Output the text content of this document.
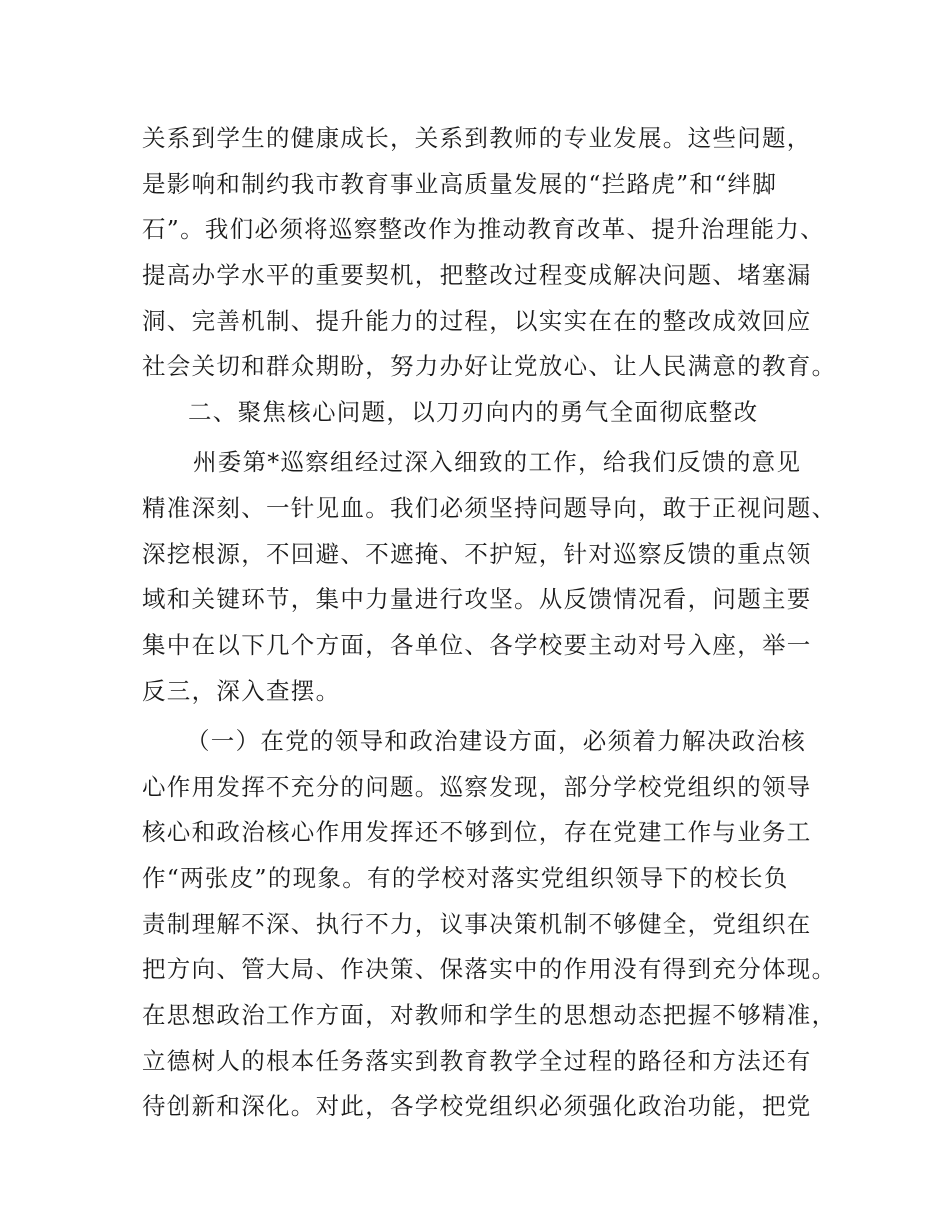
关系到学生的健康成长，关系到教师的专业发展。这些问题，
是影响和制约我市教育事业高质量发展的“拦路虎”和“绊脚
石”。我们必须将巡察整改作为推动教育改革、提升治理能力、
提高办学水平的重要契机，把整改过程变成解决问题、堵塞漏
洞、完善机制、提升能力的过程，以实实在在的整改成效回应
社会关切和群众期盼，努力办好让党放心、让人民满意的教育。
二、聚焦核心问题，以刀刃向内的勇气全面彻底整改
州委第*巡察组经过深入细致的工作，给我们反馈的意见
精准深刻、一针见血。我们必须坚持问题导向，敢于正视问题、
深挖根源，不回避、不遮掩、不护短，针对巡察反馈的重点领
域和关键环节，集中力量进行攻坚。从反馈情况看，问题主要
集中在以下几个方面，各单位、各学校要主动对号入座，举一
反三，深入查摆。
（一）在党的领导和政治建设方面，必须着力解决政治核
心作用发挥不充分的问题。巡察发现，部分学校党组织的领导
核心和政治核心作用发挥还不够到位，存在党建工作与业务工
作“两张皮”的现象。有的学校对落实党组织领导下的校长负
责制理解不深、执行不力，议事决策机制不够健全，党组织在
把方向、管大局、作决策、保落实中的作用没有得到充分体现。
在思想政治工作方面，对教师和学生的思想动态把握不够精准，
立德树人的根本任务落实到教育教学全过程的路径和方法还有
待创新和深化。对此，各学校党组织必须强化政治功能，把党
